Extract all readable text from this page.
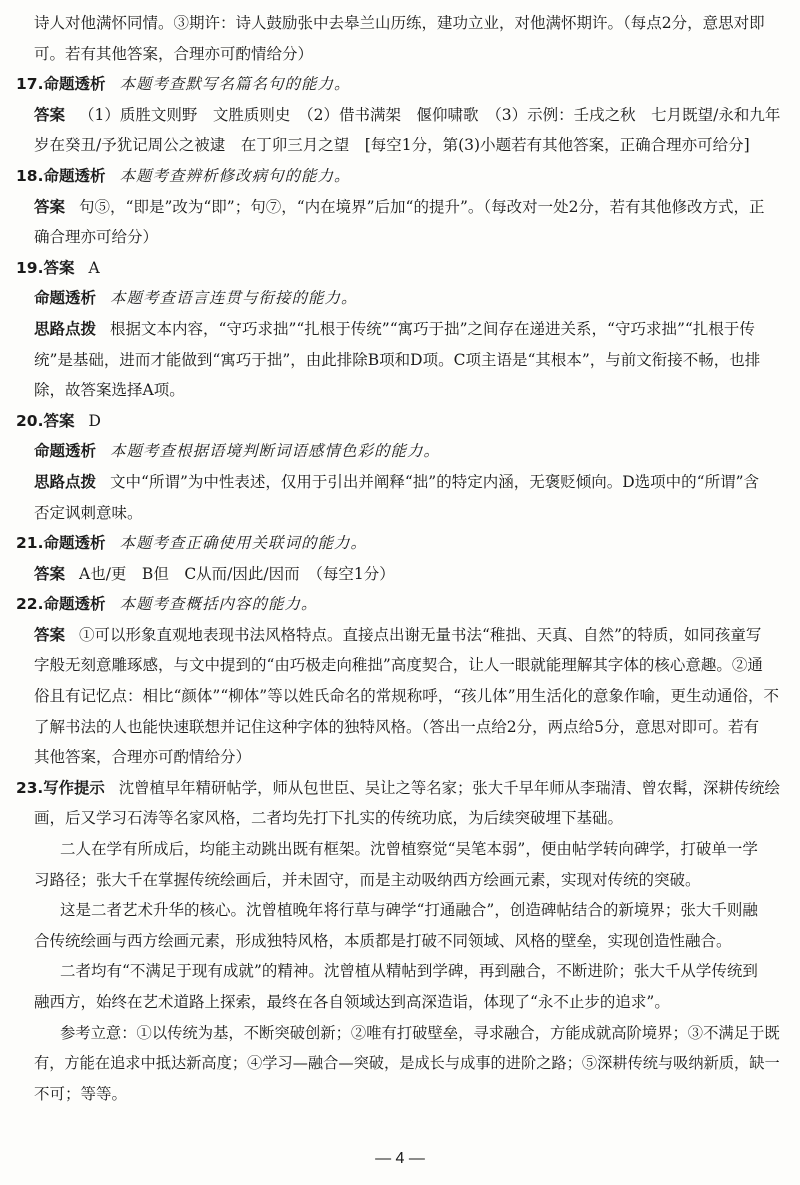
诗人对他满怀同情。③期许：诗人鼓励张中去皋兰山历练，建功立业，对他满怀期许。（每点2分，意思对即
可。若有其他答案，合理亦可酌情给分）
17.命题透析 本题考查默写名篇名句的能力。
答案 （1）质胜文则野　文胜质则史　（2）借书满架　偃仰啸歌　（3）示例：壬戌之秋　七月既望/永和九年
岁在癸丑/予犹记周公之被逮　在丁卯三月之望　[每空1分，第(3)小题若有其他答案，正确合理亦可给分]
18.命题透析 本题考查辨析修改病句的能力。
答案 句⑤，“即是”改为“即”；句⑦，“内在境界”后加“的提升”。（每改对一处2分，若有其他修改方式，正
确合理亦可给分）
19.答案 A
命题透析 本题考查语言连贯与衔接的能力。
思路点拨 根据文本内容，“守巧求拙”“扎根于传统”“寓巧于拙”之间存在递进关系，“守巧求拙”“扎根于传
统”是基础，进而才能做到“寓巧于拙”，由此排除B项和D项。C项主语是“其根本”，与前文衔接不畅，也排
除，故答案选择A项。
20.答案 D
命题透析 本题考查根据语境判断词语感情色彩的能力。
思路点拨 文中“所谓”为中性表述，仅用于引出并阐释“拙”的特定内涵，无褒贬倾向。D选项中的“所谓”含
否定讽刺意味。
21.命题透析 本题考查正确使用关联词的能力。
答案 A也/更　B但　C从而/因此/因而　（每空1分）
22.命题透析 本题考查概括内容的能力。
答案 ①可以形象直观地表现书法风格特点。直接点出谢无量书法“稚拙、天真、自然”的特质，如同孩童写
字般无刻意雕琢感，与文中提到的“由巧极走向稚拙”高度契合，让人一眼就能理解其字体的核心意趣。②通
俗且有记忆点：相比“颜体”“柳体”等以姓氏命名的常规称呼，“孩儿体”用生活化的意象作喻，更生动通俗，不
了解书法的人也能快速联想并记住这种字体的独特风格。（答出一点给2分，两点给5分，意思对即可。若有
其他答案，合理亦可酌情给分）
23.写作提示 沈曾植早年精研帖学，师从包世臣、吴让之等名家；张大千早年师从李瑞清、曾农髯，深耕传统绘
画，后又学习石涛等名家风格，二者均先打下扎实的传统功底，为后续突破埋下基础。
二人在学有所成后，均能主动跳出既有框架。沈曾植察觉“吴笔本弱”，便由帖学转向碑学，打破单一学
习路径；张大千在掌握传统绘画后，并未固守，而是主动吸纳西方绘画元素，实现对传统的突破。
这是二者艺术升华的核心。沈曾植晚年将行草与碑学“打通融合”，创造碑帖结合的新境界；张大千则融
合传统绘画与西方绘画元素，形成独特风格，本质都是打破不同领域、风格的壁垒，实现创造性融合。
二者均有“不满足于现有成就”的精神。沈曾植从精帖到学碑，再到融合，不断进阶；张大千从学传统到
融西方，始终在艺术道路上探索，最终在各自领域达到高深造诣，体现了“永不止步的追求”。
参考立意：①以传统为基，不断突破创新；②唯有打破壁垒，寻求融合，方能成就高阶境界；③不满足于既
有，方能在追求中抵达新高度；④学习—融合—突破，是成长与成事的进阶之路；⑤深耕传统与吸纳新质，缺一
不可；等等。
— 4 —
